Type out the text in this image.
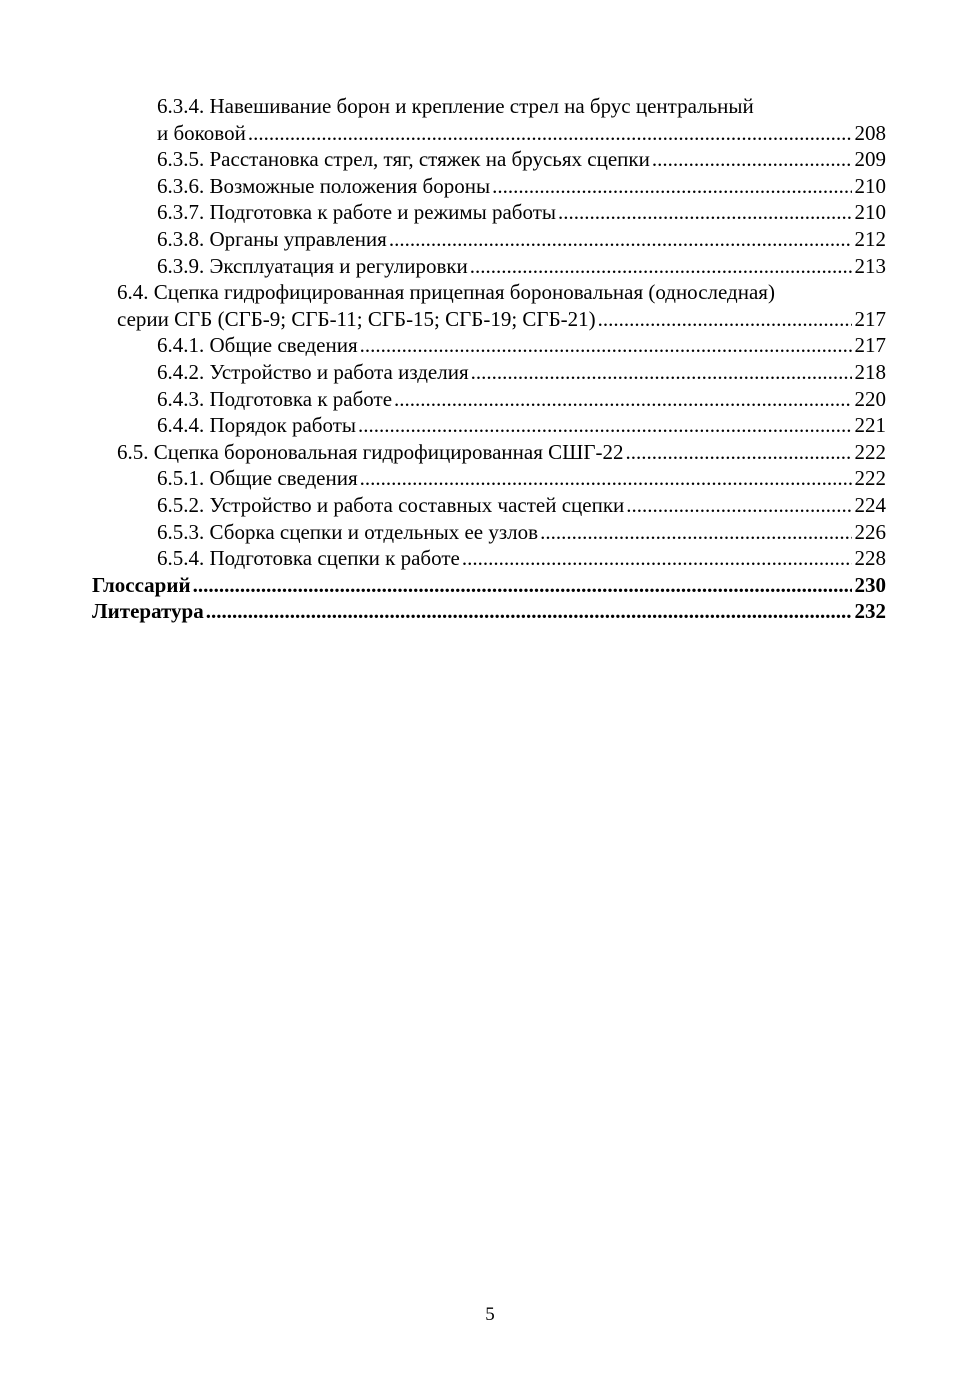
6.3.4. Навешивание борон и крепление стрел на брус центральный
и боковой .....	208
6.3.5. Расстановка стрел, тяг, стяжек на брусьях сцепки .....	209
6.3.6. Возможные положения бороны .....	210
6.3.7. Подготовка к работе и режимы работы .....	210
6.3.8. Органы управления .....	212
6.3.9. Эксплуатация и регулировки .....	213
6.4. Сцепка гидрофицированная прицепная бороновальная (односледная)
серии СГБ (СГБ-9; СГБ-11; СГБ-15; СГБ-19; СГБ-21) .....	217
6.4.1. Общие сведения .....	217
6.4.2. Устройство и работа изделия .....	218
6.4.3. Подготовка к работе .....	220
6.4.4. Порядок работы .....	221
6.5. Сцепка бороновальная гидрофицированная СШГ-22 .....	222
6.5.1. Общие сведения .....	222
6.5.2. Устройство и работа составных частей сцепки .....	224
6.5.3. Сборка сцепки и отдельных ее узлов .....	226
6.5.4. Подготовка сцепки к работе .....	228
Глоссарий .....	230
Литература .....	232
5
